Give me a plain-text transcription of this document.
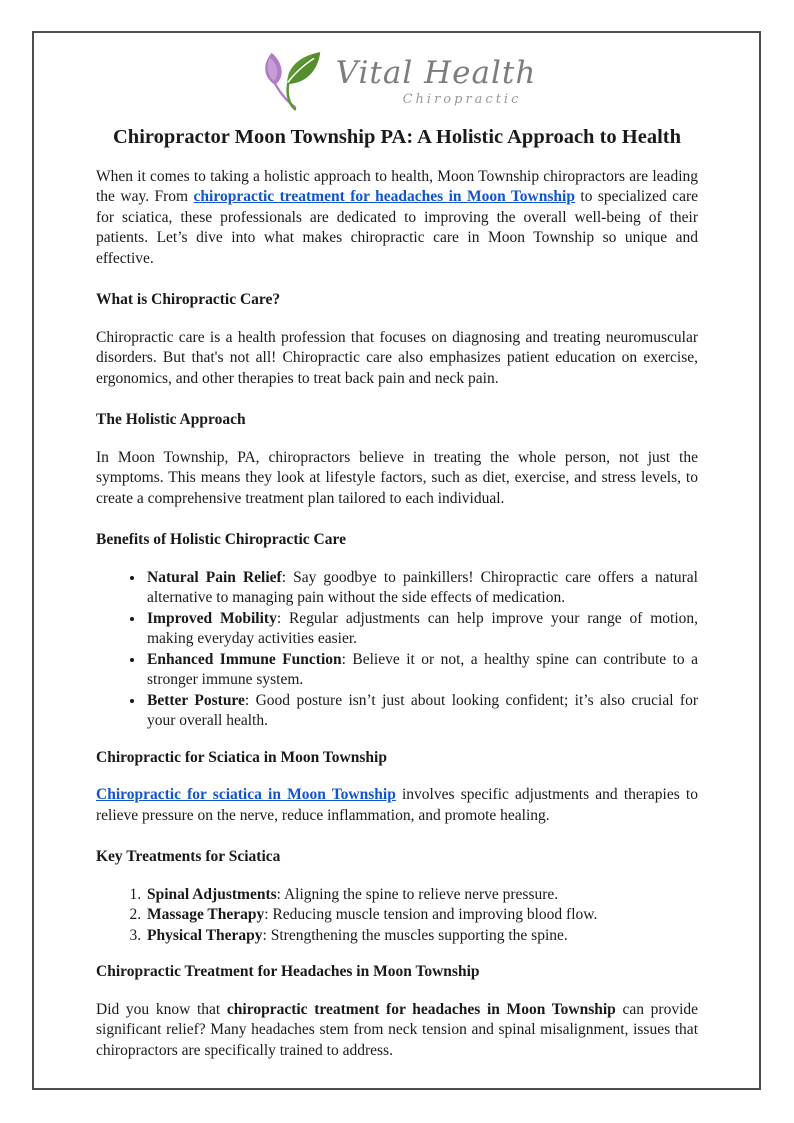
Vital Health
Chiropractic
Chiropractor Moon Township PA: A Holistic Approach to Health

When it comes to taking a holistic approach to health, Moon Township chiropractors are leading the way. From chiropractic treatment for headaches in Moon Township to specialized care for sciatica, these professionals are dedicated to improving the overall well-being of their patients. Let’s dive into what makes chiropractic care in Moon Township so unique and effective.

What is Chiropractic Care?

Chiropractic care is a health profession that focuses on diagnosing and treating neuromuscular disorders. But that's not all! Chiropractic care also emphasizes patient education on exercise, ergonomics, and other therapies to treat back pain and neck pain.

The Holistic Approach

In Moon Township, PA, chiropractors believe in treating the whole person, not just the symptoms. This means they look at lifestyle factors, such as diet, exercise, and stress levels, to create a comprehensive treatment plan tailored to each individual.

Benefits of Holistic Chiropractic Care
• Natural Pain Relief: Say goodbye to painkillers! Chiropractic care offers a natural alternative to managing pain without the side effects of medication.
• Improved Mobility: Regular adjustments can help improve your range of motion, making everyday activities easier.
• Enhanced Immune Function: Believe it or not, a healthy spine can contribute to a stronger immune system.
• Better Posture: Good posture isn’t just about looking confident; it’s also crucial for your overall health.
Chiropractic for Sciatica in Moon Township

Chiropractic for sciatica in Moon Township involves specific adjustments and therapies to relieve pressure on the nerve, reduce inflammation, and promote healing.

Key Treatments for Sciatica
1. Spinal Adjustments: Aligning the spine to relieve nerve pressure.
2. Massage Therapy: Reducing muscle tension and improving blood flow.
3. Physical Therapy: Strengthening the muscles supporting the spine.
Chiropractic Treatment for Headaches in Moon Township

Did you know that chiropractic treatment for headaches in Moon Township can provide significant relief? Many headaches stem from neck tension and spinal misalignment, issues that chiropractors are specifically trained to address.
